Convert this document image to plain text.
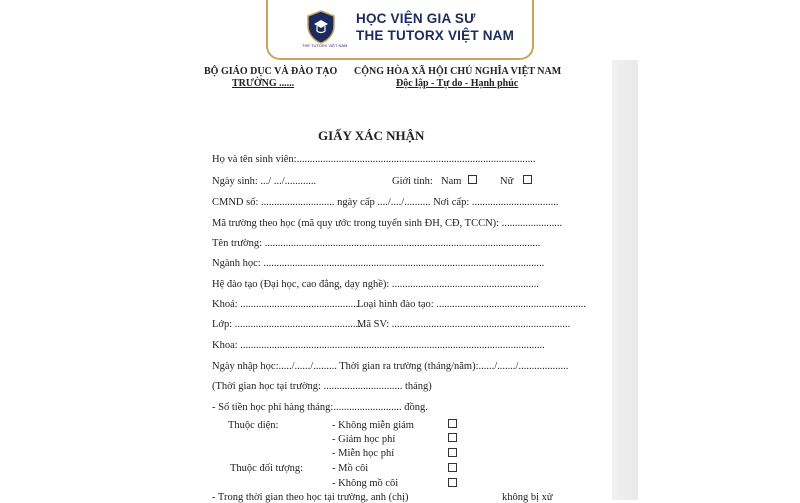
THE TUTORX VIỆT NAM
HỌC VIỆN GIA SƯ
THE TUTORX VIỆT NAM
BỘ GIÁO DỤC VÀ ĐÀO TẠO
TRƯỜNG ......
CỘNG HÒA XÃ HỘI CHỦ NGHĨA VIỆT NAM
Độc lập - Tự do - Hạnh phúc
GIẤY XÁC NHẬN
Họ và tên sinh viên:...........................................................................................
Ngày sinh: .../ .../............	Giới tính: Nam	Nữ
CMND số: ............................ ngày cấp ..../..../.......... Nơi cấp: .................................
Mã trường theo học (mã quy ước trong tuyển sinh ĐH, CĐ, TCCN): .......................
Tên trường: .........................................................................................................
Ngành học: ...........................................................................................................
Hệ đào tạo (Đại học, cao đẳng, dạy nghề): ........................................................
Khoá: .............................................
Loại hình đào tạo: .........................................................
Lớp: .................................................
Mã SV: ....................................................................
Khoa: ....................................................................................................................
Ngày nhập học:...../....../......... Thời gian ra trường (tháng/năm):....../......./...................
(Thời gian học tại trường: .............................. tháng)
- Số tiền học phí hàng tháng:.......................... đồng.
Thuộc diện:	- Không miễn giảm
- Giảm học phí
- Miễn học phí
Thuộc đối tượng:	- Mồ côi
- Không mồ côi
- Trong thời gian theo học tại trường, anh (chị)	không bị xử
